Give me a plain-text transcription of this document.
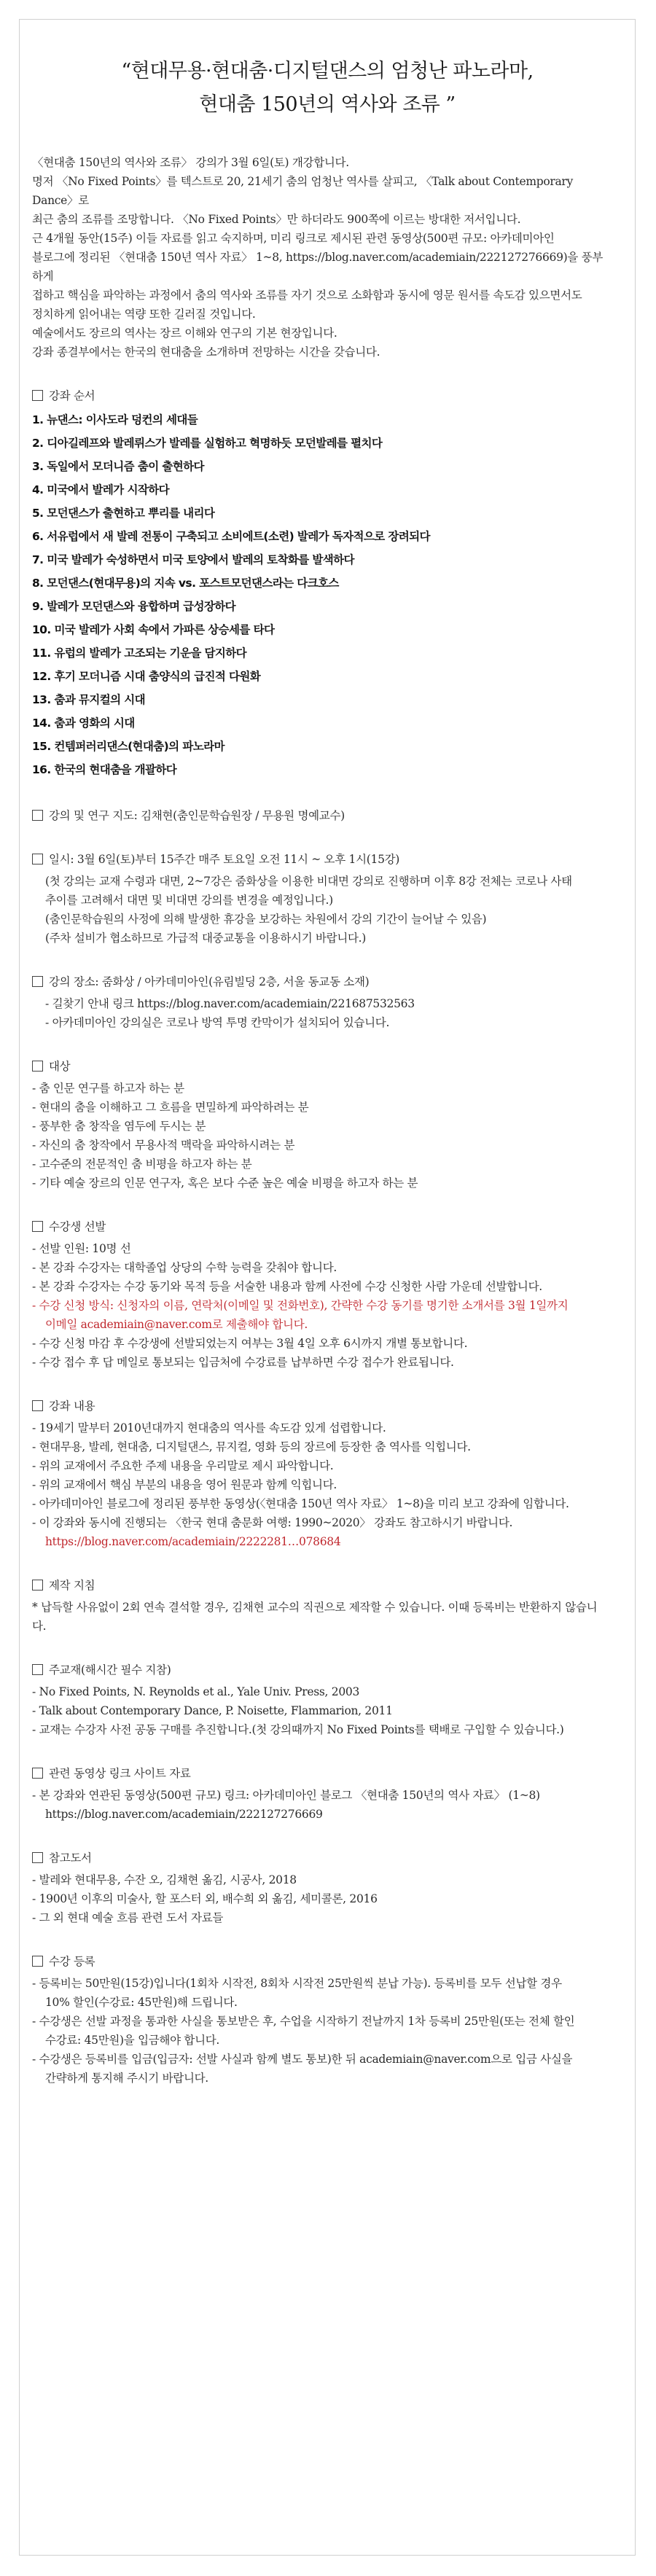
“현대무용·현대춤·디지털댄스의 엄청난 파노라마,
현대춤 150년의 역사와 조류 ”

〈현대춤 150년의 역사와 조류〉 강의가 3월 6일(토) 개강합니다.

명저 〈No Fixed Points〉를 텍스트로 20, 21세기 춤의 엄청난 역사를 살피고, 〈Talk about Contemporary Dance〉로

최근 춤의 조류를 조망합니다. 〈No Fixed Points〉만 하더라도 900쪽에 이르는 방대한 저서입니다.

근 4개월 동안(15주) 이들 자료를 읽고 숙지하며, 미리 링크로 제시된 관련 동영상(500편 규모: 아카데미아인

블로그에 정리된 〈현대춤 150년 역사 자료〉 1~8, https://blog.naver.com/academiain/222127276669)을 풍부하게

접하고 핵심을 파악하는 과정에서 춤의 역사와 조류를 자기 것으로 소화함과 동시에 영문 원서를 속도감 있으면서도

정치하게 읽어내는 역량 또한 길러질 것입니다.

예술에서도 장르의 역사는 장르 이해와 연구의 기본 현장입니다.

강좌 종결부에서는 한국의 현대춤을 소개하며 전망하는 시간을 갖습니다.

강좌 순서

1. 뉴댄스: 이사도라 덩컨의 세대들
2. 디아길레프와 발레뤼스가 발레를 실험하고 혁명하듯 모던발레를 펼치다
3. 독일에서 모더니즘 춤이 출현하다
4. 미국에서 발레가 시작하다
5. 모던댄스가 출현하고 뿌리를 내리다
6. 서유럽에서 새 발레 전통이 구축되고 소비에트(소련) 발레가 독자적으로 장려되다
7. 미국 발레가 숙성하면서 미국 토양에서 발레의 토착화를 발색하다
8. 모던댄스(현대무용)의 지속 vs. 포스트모던댄스라는 다크호스
9. 발레가 모던댄스와 융합하며 급성장하다
10. 미국 발레가 사회 속에서 가파른 상승세를 타다
11. 유럽의 발레가 고조되는 기운을 담지하다
12. 후기 모더니즘 시대 춤양식의 급진적 다원화
13. 춤과 뮤지컬의 시대
14. 춤과 영화의 시대
15. 컨템퍼러리댄스(현대춤)의 파노라마
16. 한국의 현대춤을 개괄하다

강의 및 연구 지도: 김채현(춤인문학습원장 / 무용원 명예교수)

일시: 3월 6일(토)부터 15주간 매주 토요일 오전 11시 ~ 오후 1시(15강)

(첫 강의는 교재 수령과 대면, 2~7강은 줌화상을 이용한 비대면 강의로 진행하며 이후 8강 전체는 코로나 사태

추이를 고려해서 대면 및 비대면 강의를 변경을 예정입니다.)

(춤인문학습원의 사정에 의해 발생한 휴강을 보강하는 차원에서 강의 기간이 늘어날 수 있음)

(주차 설비가 협소하므로 가급적 대중교통을 이용하시기 바랍니다.)

강의 장소: 줌화상 / 아카데미아인(유림빌딩 2층, 서울 동교동 소재)

- 길찾기 안내 링크 https://blog.naver.com/academiain/221687532563

- 아카데미아인 강의실은 코로나 방역 투명 칸막이가 설치되어 있습니다.

대상

- 춤 인문 연구를 하고자 하는 분

- 현대의 춤을 이해하고 그 흐름을 면밀하게 파악하려는 분

- 풍부한 춤 창작을 염두에 두시는 분

- 자신의 춤 창작에서 무용사적 맥락을 파악하시려는 분

- 고수준의 전문적인 춤 비평을 하고자 하는 분

- 기타 예술 장르의 인문 연구자, 혹은 보다 수준 높은 예술 비평을 하고자 하는 분

수강생 선발

- 선발 인원: 10명 선

- 본 강좌 수강자는 대학졸업 상당의 수학 능력을 갖춰야 합니다.

- 본 강좌 수강자는 수강 동기와 목적 등을 서술한 내용과 함께 사전에 수강 신청한 사람 가운데 선발합니다.

- 수강 신청 방식: 신청자의 이름, 연락처(이메일 및 전화번호), 간략한 수강 동기를 명기한 소개서를 3월 1일까지

이메일 academiain@naver.com로 제출해야 합니다.

- 수강 신청 마감 후 수강생에 선발되었는지 여부는 3월 4일 오후 6시까지 개별 통보합니다.

- 수강 접수 후 답 메일로 통보되는 입금처에 수강료를 납부하면 수강 접수가 완료됩니다.

강좌 내용

- 19세기 말부터 2010년대까지 현대춤의 역사를 속도감 있게 섭렵합니다.

- 현대무용, 발레, 현대춤, 디지털댄스, 뮤지컬, 영화 등의 장르에 등장한 춤 역사를 익힙니다.

- 위의 교재에서 주요한 주제 내용을 우리말로 제시 파악합니다.

- 위의 교재에서 핵심 부분의 내용을 영어 원문과 함께 익힙니다.

- 아카데미아인 블로그에 정리된 풍부한 동영상(〈현대춤 150년 역사 자료〉 1~8)을 미리 보고 강좌에 임합니다.

- 이 강좌와 동시에 진행되는 〈한국 현대 춤문화 여행: 1990~2020〉 강좌도 참고하시기 바랍니다.

https://blog.naver.com/academiain/2222281…078684

제작 지침

* 납득할 사유없이 2회 연속 결석할 경우, 김채현 교수의 직권으로 제작할 수 있습니다. 이때 등록비는 반환하지 않습니다.

주교재(해시간 필수 지참)

- No Fixed Points, N. Reynolds et al., Yale Univ. Press, 2003

- Talk about Contemporary Dance, P. Noisette, Flammarion, 2011

- 교재는 수강자 사전 공동 구매를 추진합니다.(첫 강의때까지 No Fixed Points를 택배로 구입할 수 있습니다.)

관련 동영상 링크 사이트 자료

- 본 강좌와 연관된 동영상(500편 규모) 링크: 아카데미아인 블로그 〈현대춤 150년의 역사 자료〉 (1~8)

https://blog.naver.com/academiain/222127276669

참고도서

- 발레와 현대무용, 수잔 오, 김채현 옮김, 시공사, 2018

- 1900년 이후의 미술사, 할 포스터 외, 배수희 외 옮김, 세미콜론, 2016

- 그 외 현대 예술 흐름 관련 도서 자료들

수강 등록

- 등록비는 50만원(15강)입니다(1회차 시작전, 8회차 시작전 25만원씩 분납 가능). 등록비를 모두 선납할 경우

10% 할인(수강료: 45만원)해 드립니다.

- 수강생은 선발 과정을 통과한 사실을 통보받은 후, 수업을 시작하기 전날까지 1차 등록비 25만원(또는 전체 할인

수강료: 45만원)을 입금해야 합니다.

- 수강생은 등록비를 입금(입금자: 선발 사실과 함께 별도 통보)한 뒤 academiain@naver.com으로 입금 사실을

간략하게 통지해 주시기 바랍니다.
